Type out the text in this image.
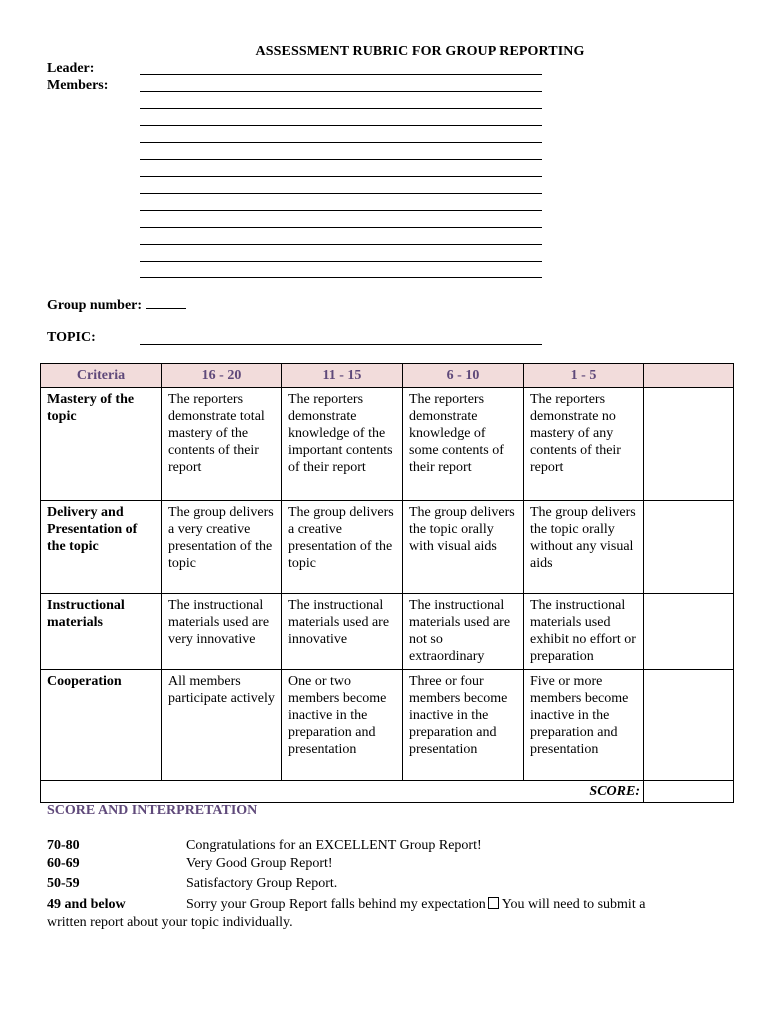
ASSESSMENT RUBRIC FOR GROUP REPORTING
Leader:
Members:
Group number:
TOPIC:
Criteria	16 - 20	11 - 15	6 - 10	1 - 5	
Mastery of the topic	The reporters demonstrate total mastery of the contents of their report	The reporters demonstrate knowledge of the important contents of their report	The reporters demonstrate knowledge of some contents of their report	The reporters demonstrate no mastery of any contents of their report	
Delivery and Presentation of the topic	The group delivers a very creative presentation of the topic	The group delivers a creative presentation of the topic	The group delivers the topic orally with visual aids	The group delivers the topic orally without any visual aids	
Instructional materials	The instructional materials used are very innovative	The instructional materials used are innovative	The instructional materials used are not so extraordinary	The instructional materials used exhibit no effort or preparation	
Cooperation	All members participate actively	One or two members become inactive in the preparation and presentation	Three or four members become inactive in the preparation and presentation	Five or more members become inactive in the preparation and presentation	
SCORE:					
SCORE AND INTERPRETATION
70-80	Congratulations for an EXCELLENT Group Report!
60-69	Very Good Group Report!
50-59	Satisfactory Group Report.
49 and below	Sorry your Group Report falls behind my expectation You will need to submit a written report about your topic individually.
